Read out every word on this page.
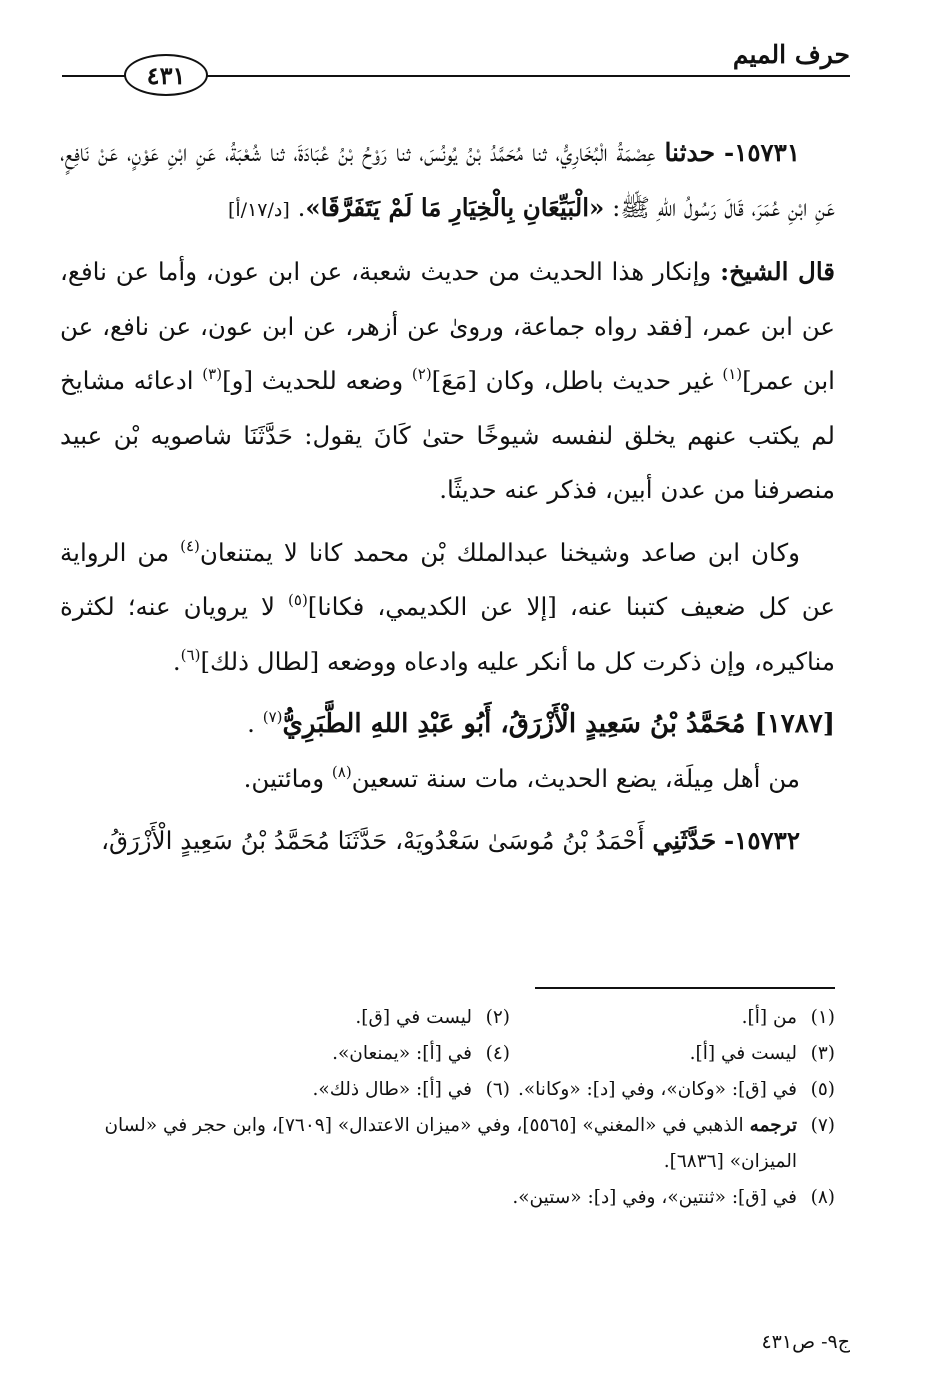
حرف الميم
٤٣١

١٥٧٣١- حدثنا عِصْمَةُ الْبُخَارِيُّ، ثنا مُحَمَّدُ بْنُ يُونُسَ، ثنا رَوْحُ بْنُ عُبَادَةَ، ثنا شُعْبَةُ، عَنِ ابْنِ عَوْنٍ، عَنْ نَافِعٍ، عَنِ ابْنِ عُمَرَ، قَالَ رَسُولُ اللهِ ﷺ: «الْبَيِّعَانِ بِالْخِيَارِ مَا لَمْ يَتَفَرَّقَا». [د/١٧/أ]

قال الشيخ: وإنكار هذا الحديث من حديث شعبة، عن ابن عون، وأما عن نافع، عن ابن عمر، [فقد رواه جماعة، وروىٰ عن أزهر، عن ابن عون، عن نافع، عن ابن عمر]$^{(١)}$ غير حديث باطل، وكان [مَعَ]$^{(٢)}$ وضعه للحديث [و]$^{(٣)}$ ادعائه مشايخ لم يكتب عنهم يخلق لنفسه شيوخًا حتىٰ كَانَ يقول: حَدَّثَنَا شاصويه بْن عبيد منصرفنا من عدن أبين، فذكر عنه حديثًا.

وكان ابن صاعد وشيخنا عبدالملك بْن محمد كانا لا يمتنعان$^{(٤)}$ من الرواية عن كل ضعيف كتبنا عنه، [إلا عن الكديمي، فكانا]$^{(٥)}$ لا يرويان عنه؛ لكثرة مناكيره، وإن ذكرت كل ما أنكر عليه وادعاه ووضعه [لطال ذلك]$^{(٦)}$.

[١٧٨٧] مُحَمَّدُ بْنُ سَعِيدٍ الْأَزْرَقُ، أَبُو عَبْدِ اللهِ الطَّبَرِيُّ$^{(٧)}$ .

من أهل مِيلَة، يضع الحديث، مات سنة تسعين$^{(٨)}$ ومائتين.

١٥٧٣٢- حَدَّثَنِي أَحْمَدُ بْنُ مُوسَىٰ سَعْدُويَهْ، حَدَّثَنَا مُحَمَّدُ بْنُ سَعِيدٍ الْأَزْرَقُ،

(١)من [أ].
(٢)ليست في [ق].
(٣)ليست في [أ].
(٤)في [أ]: «يمنعان».
(٥)في [ق]: «وكان»، وفي [د]: «وكانا».
(٦)في [أ]: «طال ذلك».
(٧)ترجمه الذهبي في «المغني» [٥٥٦٥]، وفي «ميزان الاعتدال» [٧٦٠٩]، وابن حجر في «لسان
الميزان» [٦٨٣٦].
(٨)في [ق]: «ثنتين»، وفي [د]: «ستين».
ج٩- ص٤٣١
